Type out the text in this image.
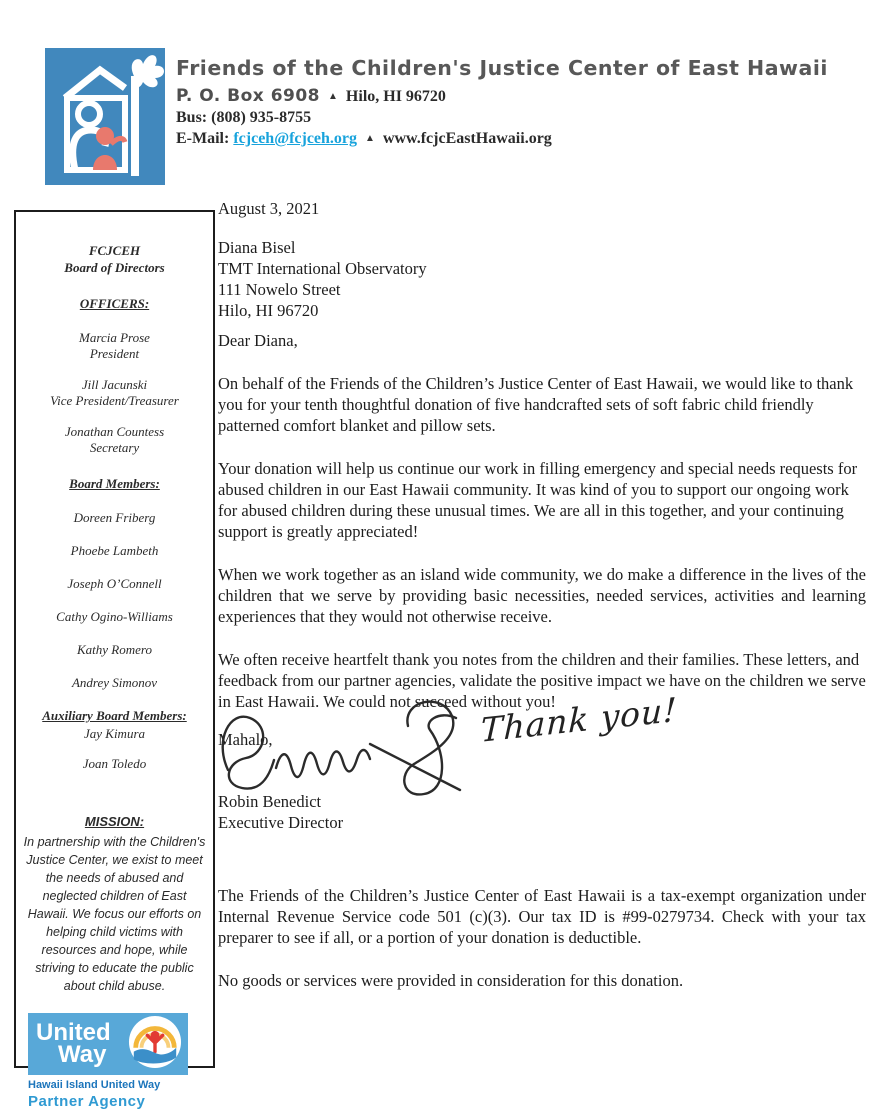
Friends of the Children's Justice Center of East Hawaii
P. O. Box 6908 ▲ Hilo, HI 96720
Bus: (808) 935-8755
E-Mail: fcjceh@fcjceh.org ▲ www.fcjcEastHawaii.org
FCJCEH
Board of Directors
OFFICERS:
Marcia Prose
President
Jill Jacunski
Vice President/Treasurer
Jonathan Countess
Secretary
Board Members:
Doreen Friberg
Phoebe Lambeth
Joseph O’Connell
Cathy Ogino-Williams
Kathy Romero
Andrey Simonov
Auxiliary Board Members:
Jay Kimura
Joan Toledo
MISSION:
In partnership with the Children's Justice Center, we exist to meet the needs of abused and neglected children of East Hawaii. We focus our efforts on helping child victims with resources and hope, while striving to educate the public about child abuse.
United
Way
Hawaii Island United Way
Partner Agency
August 3, 2021
Diana Bisel
TMT International Observatory
111 Nowelo Street
Hilo, HI 96720
Dear Diana,
On behalf of the Friends of the Children’s Justice Center of East Hawaii, we would like to thank you for your tenth thoughtful donation of five handcrafted sets of soft fabric child friendly patterned comfort blanket and pillow sets.
Your donation will help us continue our work in filling emergency and special needs requests for abused children in our East Hawaii community. It was kind of you to support our ongoing work for abused children during these unusual times. We are all in this together, and your continuing support is greatly appreciated!
When we work together as an island wide community, we do make a difference in the lives of the children that we serve by providing basic necessities, needed services, activities and learning experiences that they would not otherwise receive.
We often receive heartfelt thank you notes from the children and their families. These letters, and feedback from our partner agencies, validate the positive impact we have on the children we serve in East Hawaii. We could not succeed without you!
Mahalo,	Thank you!
Robin Benedict
Executive Director
The Friends of the Children’s Justice Center of East Hawaii is a tax-exempt organization under Internal Revenue Service code 501 (c)(3). Our tax ID is #99-0279734. Check with your tax preparer to see if all, or a portion of your donation is deductible.
No goods or services were provided in consideration for this donation.
